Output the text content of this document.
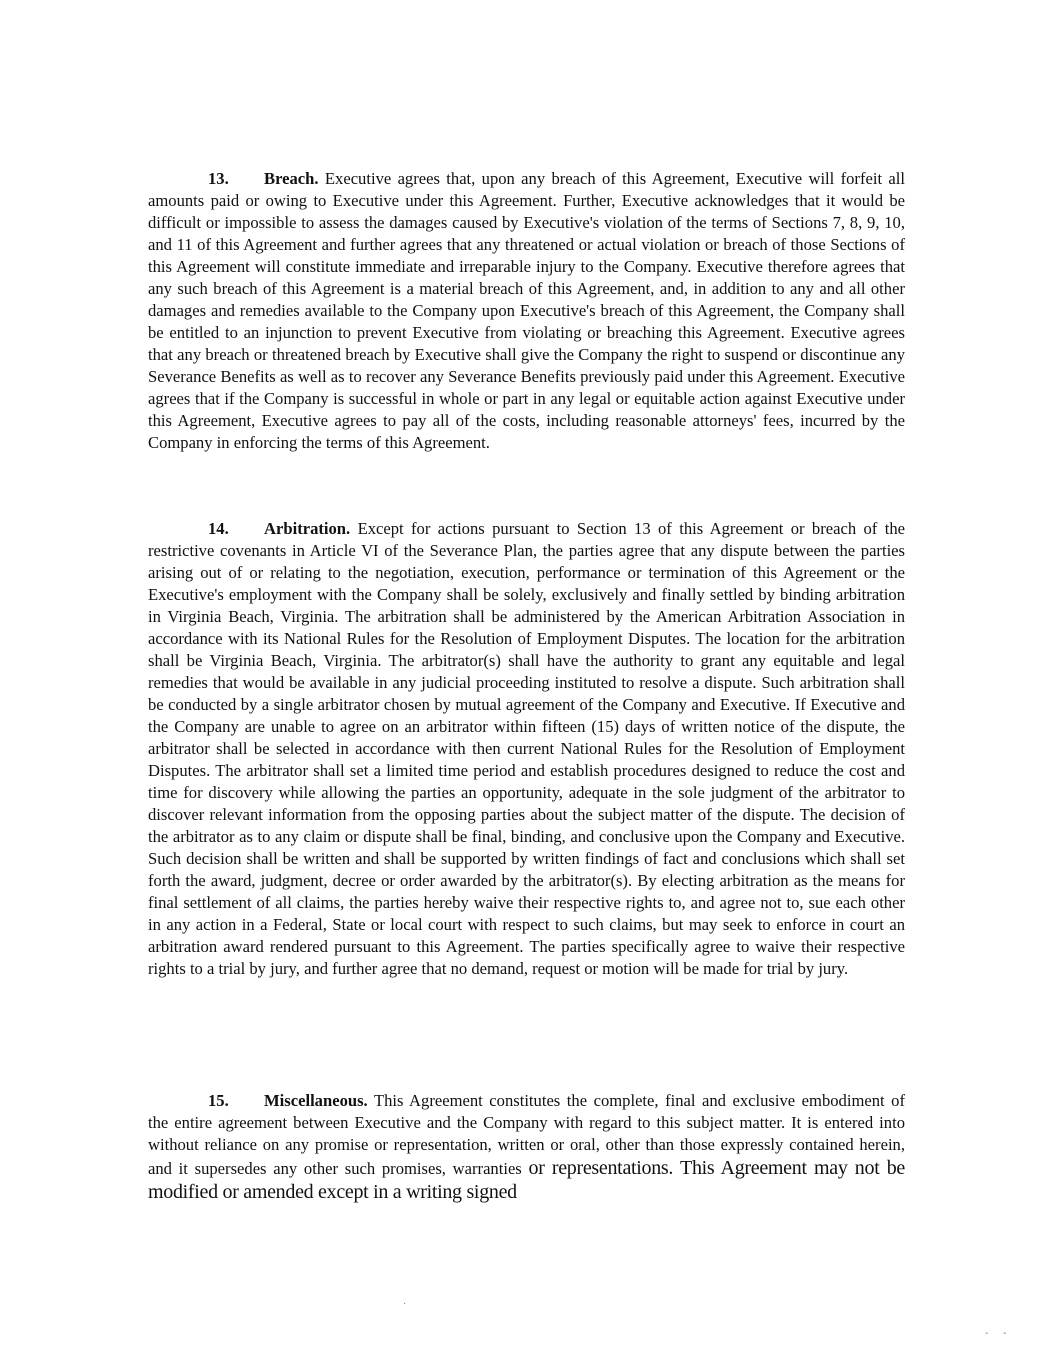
13. Breach. Executive agrees that, upon any breach of this Agreement, Executive will forfeit all amounts paid or owing to Executive under this Agreement. Further, Executive acknowledges that it would be difficult or impossible to assess the damages caused by Executive's violation of the terms of Sections 7, 8, 9, 10, and 11 of this Agreement and further agrees that any threatened or actual violation or breach of those Sections of this Agreement will constitute immediate and irreparable injury to the Company. Executive therefore agrees that any such breach of this Agreement is a material breach of this Agreement, and, in addition to any and all other damages and remedies available to the Company upon Executive's breach of this Agreement, the Company shall be entitled to an injunction to prevent Executive from violating or breaching this Agreement. Executive agrees that any breach or threatened breach by Executive shall give the Company the right to suspend or discontinue any Severance Benefits as well as to recover any Severance Benefits previously paid under this Agreement. Executive agrees that if the Company is successful in whole or part in any legal or equitable action against Executive under this Agreement, Executive agrees to pay all of the costs, including reasonable attorneys' fees, incurred by the Company in enforcing the terms of this Agreement.

14. Arbitration. Except for actions pursuant to Section 13 of this Agreement or breach of the restrictive covenants in Article VI of the Severance Plan, the parties agree that any dispute between the parties arising out of or relating to the negotiation, execution, performance or termination of this Agreement or the Executive's employment with the Company shall be solely, exclusively and finally settled by binding arbitration in Virginia Beach, Virginia. The arbitration shall be administered by the American Arbitration Association in accordance with its National Rules for the Resolution of Employment Disputes. The location for the arbitration shall be Virginia Beach, Virginia. The arbitrator(s) shall have the authority to grant any equitable and legal remedies that would be available in any judicial proceeding instituted to resolve a dispute. Such arbitration shall be conducted by a single arbitrator chosen by mutual agreement of the Company and Executive. If Executive and the Company are unable to agree on an arbitrator within fifteen (15) days of written notice of the dispute, the arbitrator shall be selected in accordance with then current National Rules for the Resolution of Employment Disputes. The arbitrator shall set a limited time period and establish procedures designed to reduce the cost and time for discovery while allowing the parties an opportunity, adequate in the sole judgment of the arbitrator to discover relevant information from the opposing parties about the subject matter of the dispute. The decision of the arbitrator as to any claim or dispute shall be final, binding, and conclusive upon the Company and Executive. Such decision shall be written and shall be supported by written findings of fact and conclusions which shall set forth the award, judgment, decree or order awarded by the arbitrator(s). By electing arbitration as the means for final settlement of all claims, the parties hereby waive their respective rights to, and agree not to, sue each other in any action in a Federal, State or local court with respect to such claims, but may seek to enforce in court an arbitration award rendered pursuant to this Agreement. The parties specifically agree to waive their respective rights to a trial by jury, and further agree that no demand, request or motion will be made for trial by jury.

15. Miscellaneous. This Agreement constitutes the complete, final and exclusive embodiment of the entire agreement between Executive and the Company with regard to this subject matter. It is entered into without reliance on any promise or representation, written or oral, other than those expressly contained herein, and it supersedes any other such promises, warranties or representations. This Agreement may not be modified or amended except in a writing signed

·
- -
